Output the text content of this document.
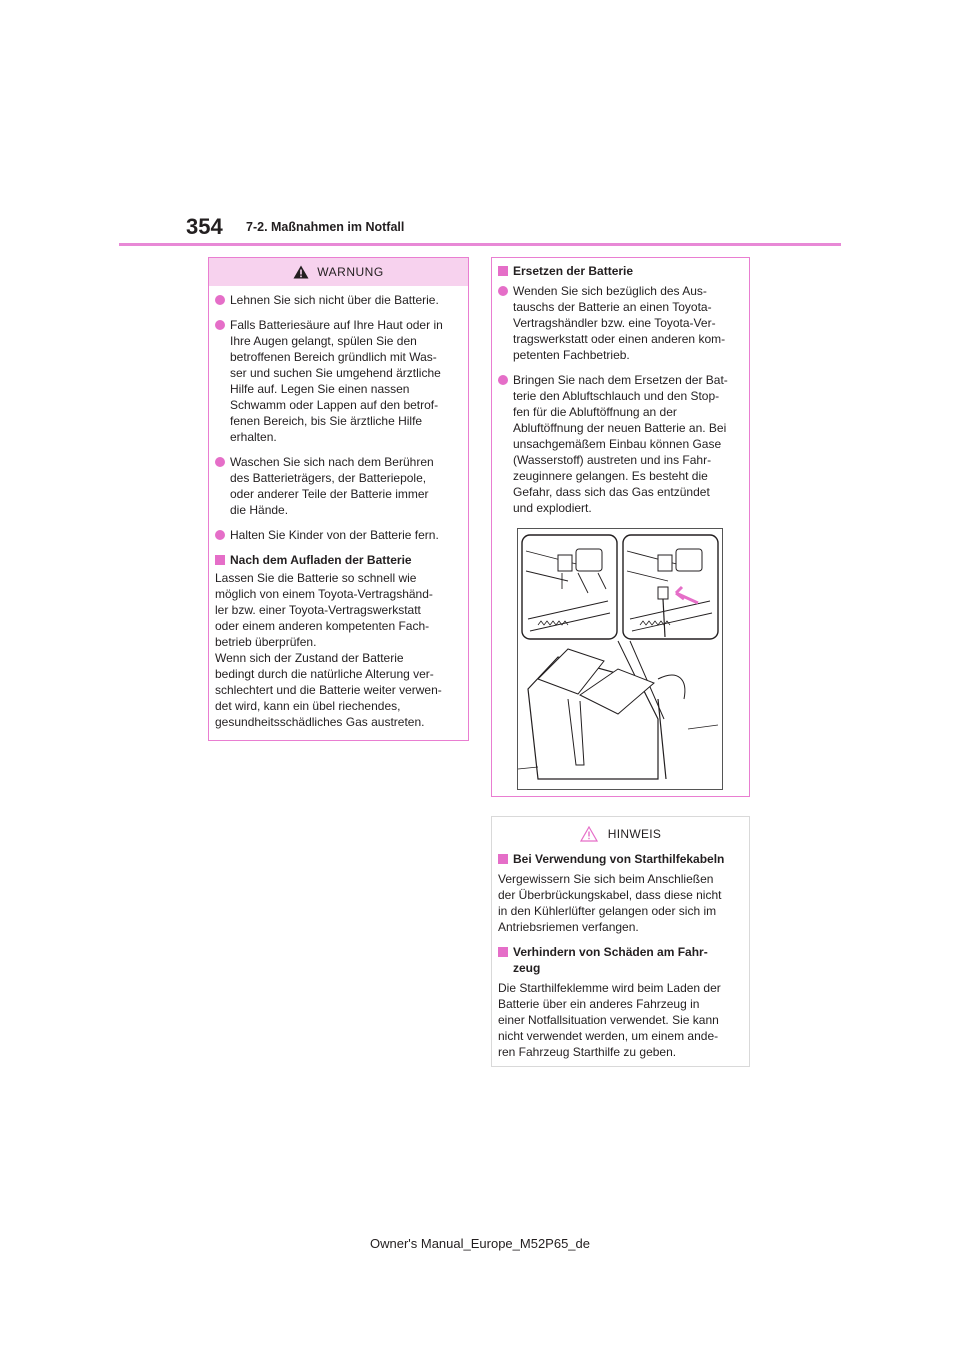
354 7-2. Maßnahmen im Notfall
WARNUNG
Lehnen Sie sich nicht über die Batterie.
Falls Batteriesäure auf Ihre Haut oder in
Ihre Augen gelangt, spülen Sie den
betroffenen Bereich gründlich mit Was-
ser und suchen Sie umgehend ärztliche
Hilfe auf. Legen Sie einen nassen
Schwamm oder Lappen auf den betrof-
fenen Bereich, bis Sie ärztliche Hilfe
erhalten.
Waschen Sie sich nach dem Berühren
des Batterieträgers, der Batteriepole,
oder anderer Teile der Batterie immer
die Hände.
Halten Sie Kinder von der Batterie fern.
Nach dem Aufladen der Batterie
Lassen Sie die Batterie so schnell wie
möglich von einem Toyota-Vertragshänd-
ler bzw. einer Toyota-Vertragswerkstatt
oder einem anderen kompetenten Fach-
betrieb überprüfen.
Wenn sich der Zustand der Batterie
bedingt durch die natürliche Alterung ver-
schlechtert und die Batterie weiter verwen-
det wird, kann ein übel riechendes,
gesundheitsschädliches Gas austreten.
Ersetzen der Batterie
Wenden Sie sich bezüglich des Aus-
tauschs der Batterie an einen Toyota-
Vertragshändler bzw. eine Toyota-Ver-
tragswerkstatt oder einen anderen kom-
petenten Fachbetrieb.
Bringen Sie nach dem Ersetzen der Bat-
terie den Abluftschlauch und den Stop-
fen für die Abluftöffnung an der
Abluftöffnung der neuen Batterie an. Bei
unsachgemäßem Einbau können Gase
(Wasserstoff) austreten und ins Fahr-
zeuginnere gelangen. Es besteht die
Gefahr, dass sich das Gas entzündet
und explodiert.
HINWEIS
Bei Verwendung von Starthilfekabeln
Vergewissern Sie sich beim Anschließen
der Überbrückungskabel, dass diese nicht
in den Kühlerlüfter gelangen oder sich im
Antriebsriemen verfangen.
Verhindern von Schäden am Fahr-
zeug
Die Starthilfeklemme wird beim Laden der
Batterie über ein anderes Fahrzeug in
einer Notfallsituation verwendet. Sie kann
nicht verwendet werden, um einem ande-
ren Fahrzeug Starthilfe zu geben.
Owner's Manual_Europe_M52P65_de
